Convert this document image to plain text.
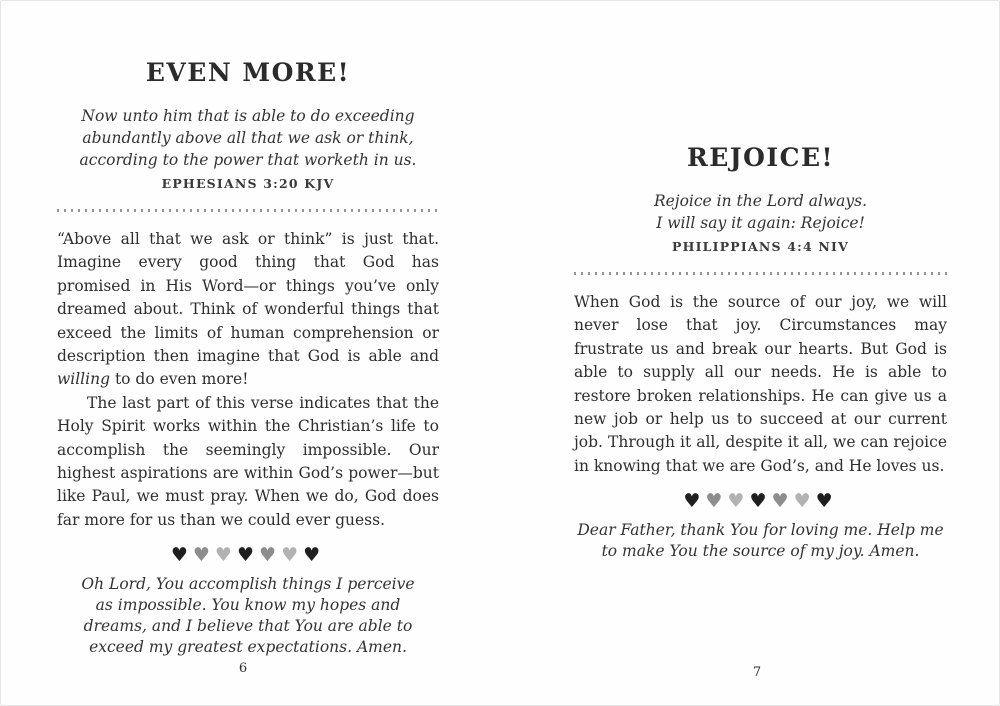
EVEN MORE!
Now unto him that is able to do exceeding
abundantly above all that we ask or think,
according to the power that worketh in us.
EPHESIANS 3:20 KJV

“Above all that we ask or think” is just that. Imagine every good thing that God has promised in His Word—or things you’ve only dreamed about. Think of wonderful things that exceed the limits of human comprehension or description then imagine that God is able and willing to do even more!

The last part of this verse indicates that the Holy Spirit works within the Christian’s life to accomplish the seemingly impossible. Our highest aspirations are within God’s power—but like Paul, we must pray. When we do, God does far more for us than we could ever guess.

♥♥♥♥♥♥♥
Oh Lord, You accomplish things I perceive
as impossible. You know my hopes and
dreams, and I believe that You are able to
exceed my greatest expectations. Amen.
REJOICE!
Rejoice in the Lord always.
I will say it again: Rejoice!
PHILIPPIANS 4:4 NIV

When God is the source of our joy, we will never lose that joy. Circumstances may frustrate us and break our hearts. But God is able to supply all our needs. He is able to restore broken relationships. He can give us a new job or help us to succeed at our current job. Through it all, despite it all, we can rejoice in knowing that we are God’s, and He loves us.

♥♥♥♥♥♥♥
Dear Father, thank You for loving me. Help me
to make You the source of my joy. Amen.
6	7
